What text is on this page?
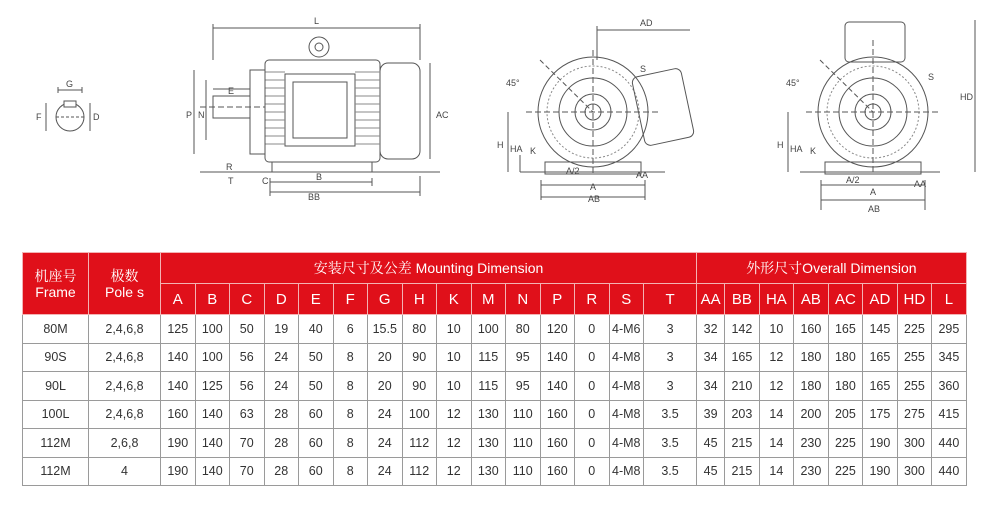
G
F	D
L
E
P N
R
T	C	B
BB
AC
AD
45°
S
H HA K
A/2
A
AB
AA
45°
S
HD
H HA K
A/2
A
AB
AA
机座号
Frame	极数
Pole s	安装尺寸及公差 Mounting Dimension															外形尺寸Overall Dimension							
		A	B	C	D	E	F	G	H	K	M	N	P	R	S	T	AA	BB	HA	AB	AC	AD	HD	L
80M	2,4,6,8	125	100	50	19	40	6	15.5	80	10	100	80	120	0	4-M6	3	32	142	10	160	165	145	225	295
90S	2,4,6,8	140	100	56	24	50	8	20	90	10	115	95	140	0	4-M8	3	34	165	12	180	180	165	255	345
90L	2,4,6,8	140	125	56	24	50	8	20	90	10	115	95	140	0	4-M8	3	34	210	12	180	180	165	255	360
100L	2,4,6,8	160	140	63	28	60	8	24	100	12	130	110	160	0	4-M8	3.5	39	203	14	200	205	175	275	415
112M	2,6,8	190	140	70	28	60	8	24	112	12	130	110	160	0	4-M8	3.5	45	215	14	230	225	190	300	440
112M	4	190	140	70	28	60	8	24	112	12	130	110	160	0	4-M8	3.5	45	215	14	230	225	190	300	440
